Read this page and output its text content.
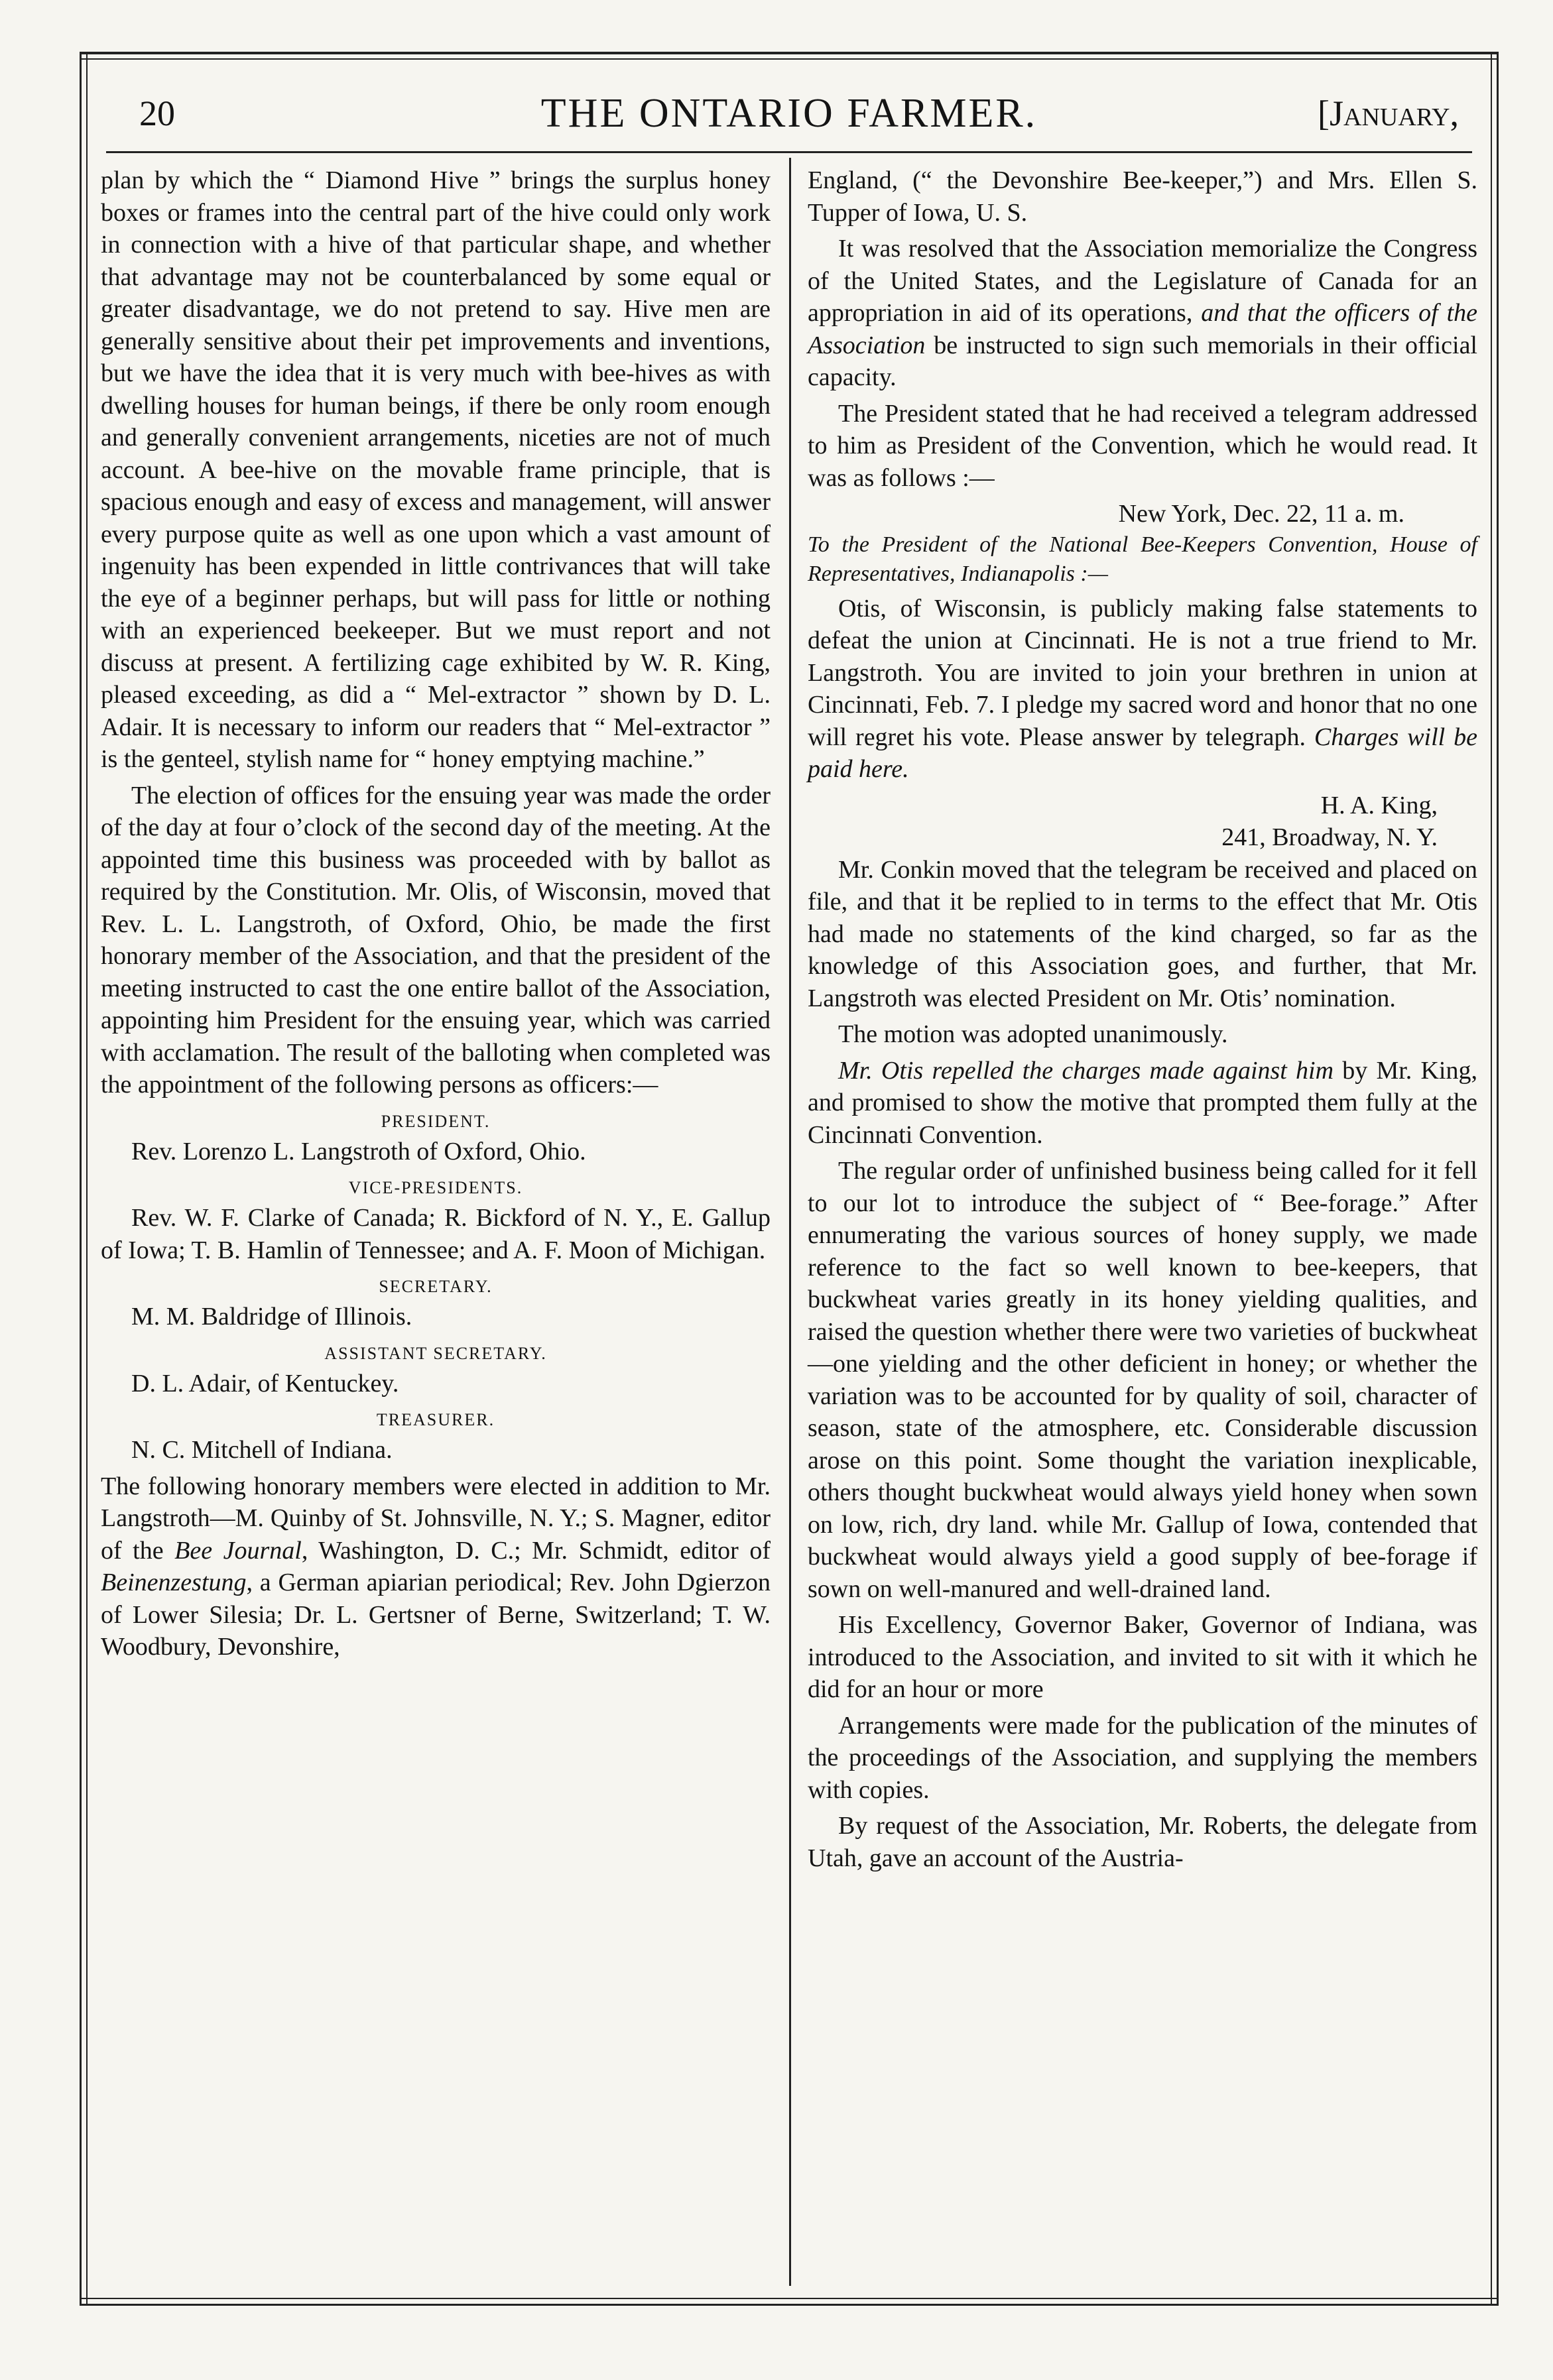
20	THE ONTARIO FARMER.	[January,

plan by which the “ Diamond Hive ” brings the surplus honey boxes or frames into the central part of the hive could only work in connection with a hive of that particular shape, and whether that advantage may not be counterbalanced by some equal or greater disadvantage, we do not pretend to say. Hive men are generally sensitive about their pet improvements and inventions, but we have the idea that it is very much with bee-hives as with dwelling houses for human beings, if there be only room enough and generally convenient arrangements, niceties are not of much account. A bee-hive on the movable frame principle, that is spacious enough and easy of excess and management, will answer every purpose quite as well as one upon which a vast amount of ingenuity has been expended in little contrivances that will take the eye of a beginner perhaps, but will pass for little or nothing with an experienced beekeeper. But we must report and not discuss at present. A fertilizing cage exhibited by W. R. King, pleased exceeding, as did a “ Mel-extractor ” shown by D. L. Adair. It is necessary to inform our readers that “ Mel-extractor ” is the genteel, stylish name for “ honey emptying machine.”

The election of offices for the ensuing year was made the order of the day at four o’clock of the second day of the meeting. At the appointed time this business was proceeded with by ballot as required by the Constitution. Mr. Olis, of Wisconsin, moved that Rev. L. L. Langstroth, of Oxford, Ohio, be made the first honorary member of the Association, and that the president of the meeting instructed to cast the one entire ballot of the Association, appointing him President for the ensuing year, which was carried with acclamation. The result of the balloting when completed was the appointment of the following persons as officers:—

PRESIDENT.

Rev. Lorenzo L. Langstroth of Oxford, Ohio.

VICE-PRESIDENTS.

Rev. W. F. Clarke of Canada; R. Bickford of N. Y., E. Gallup of Iowa; T. B. Hamlin of Tennessee; and A. F. Moon of Michigan.

SECRETARY.

M. M. Baldridge of Illinois.

ASSISTANT SECRETARY.

D. L. Adair, of Kentuckey.

TREASURER.

N. C. Mitchell of Indiana.

The following honorary members were elected in addition to Mr. Langstroth—M. Quinby of St. Johnsville, N. Y.; S. Magner, editor of the Bee Journal, Washington, D. C.; Mr. Schmidt, editor of Beinenzestung, a German apiarian periodical; Rev. John Dgierzon of Lower Silesia; Dr. L. Gertsner of Berne, Switzerland; T. W. Woodbury, Devonshire,

England, (“ the Devonshire Bee-keeper,”) and Mrs. Ellen S. Tupper of Iowa, U. S.

It was resolved that the Association memorialize the Congress of the United States, and the Legislature of Canada for an appropriation in aid of its operations, and that the officers of the Association be instructed to sign such memorials in their official capacity.

The President stated that he had received a telegram addressed to him as President of the Convention, which he would read. It was as follows :—

New York, Dec. 22, 11 a. m.

To the President of the National Bee-Keepers Convention, House of Representatives, Indianapolis :—

Otis, of Wisconsin, is publicly making false statements to defeat the union at Cincinnati. He is not a true friend to Mr. Langstroth. You are invited to join your brethren in union at Cincinnati, Feb. 7. I pledge my sacred word and honor that no one will regret his vote. Please answer by telegraph. Charges will be paid here.

H. A. King,

241, Broadway, N. Y.

Mr. Conkin moved that the telegram be received and placed on file, and that it be replied to in terms to the effect that Mr. Otis had made no statements of the kind charged, so far as the knowledge of this Association goes, and further, that Mr. Langstroth was elected President on Mr. Otis’ nomination.

The motion was adopted unanimously.

Mr. Otis repelled the charges made against him by Mr. King, and promised to show the motive that prompted them fully at the Cincinnati Convention.

The regular order of unfinished business being called for it fell to our lot to introduce the subject of “ Bee-forage.” After ennumerating the various sources of honey supply, we made reference to the fact so well known to bee-keepers, that buckwheat varies greatly in its honey yielding qualities, and raised the question whether there were two varieties of buckwheat—one yielding and the other deficient in honey; or whether the variation was to be accounted for by quality of soil, character of season, state of the atmosphere, etc. Considerable discussion arose on this point. Some thought the variation inexplicable, others thought buckwheat would always yield honey when sown on low, rich, dry land. while Mr. Gallup of Iowa, contended that buckwheat would always yield a good supply of bee-forage if sown on well-manured and well-drained land.

His Excellency, Governor Baker, Governor of Indiana, was introduced to the Association, and invited to sit with it which he did for an hour or more

Arrangements were made for the publication of the minutes of the proceedings of the Association, and supplying the members with copies.

By request of the Association, Mr. Roberts, the delegate from Utah, gave an account of the Austria-
